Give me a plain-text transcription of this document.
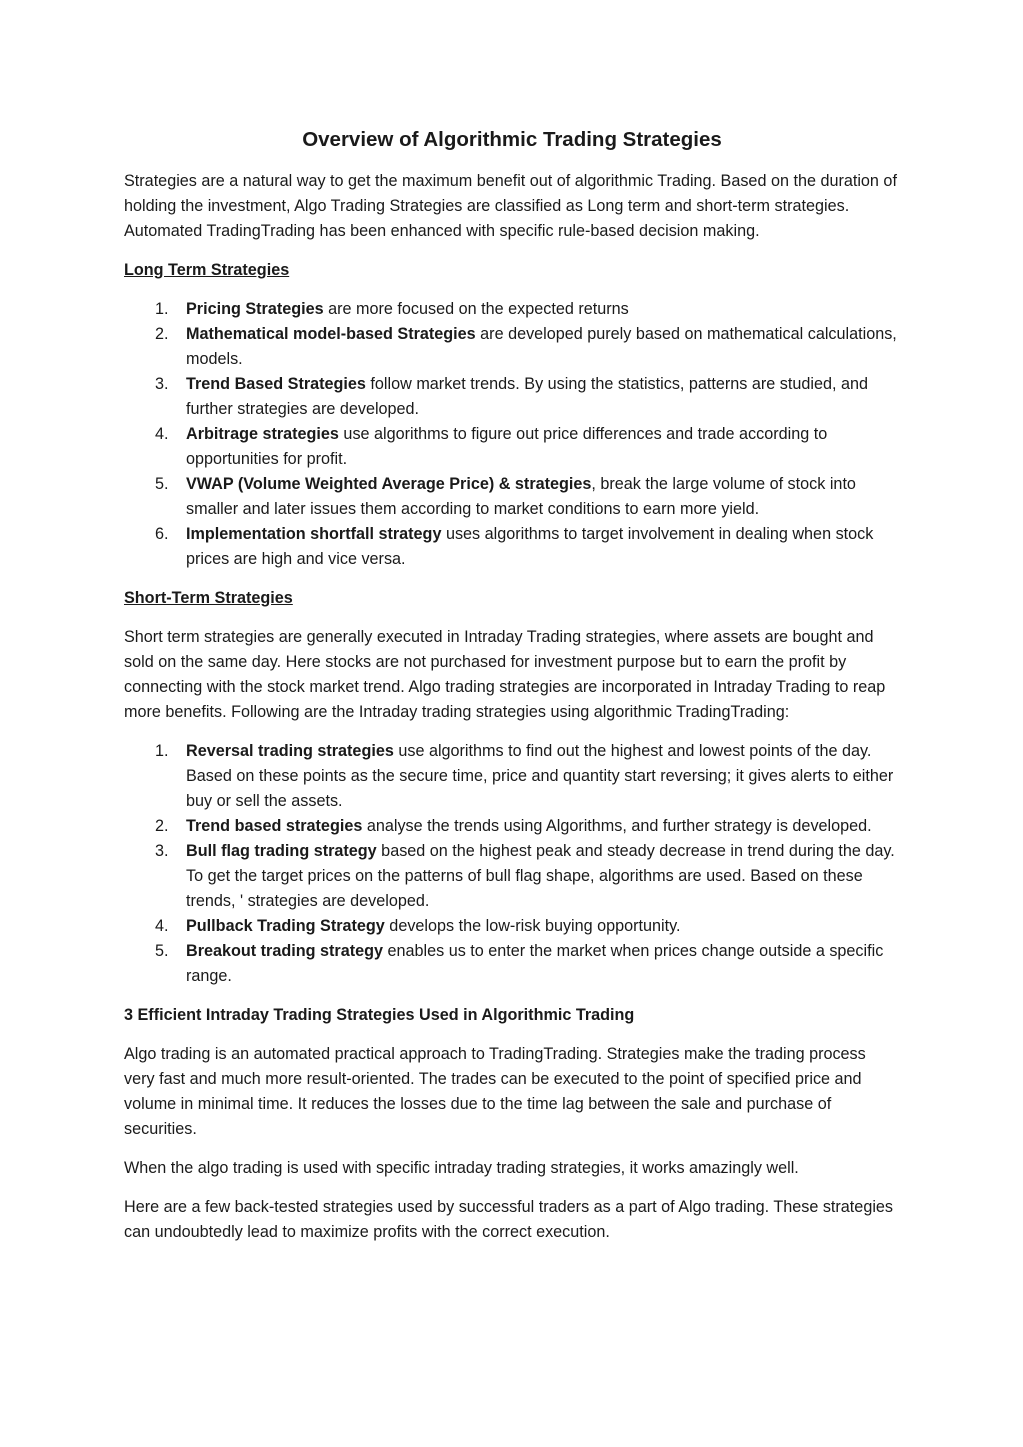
Overview of Algorithmic Trading Strategies

Strategies are a natural way to get the maximum benefit out of algorithmic Trading. Based on the duration of holding the investment, Algo Trading Strategies are classified as Long term and short-term strategies. Automated TradingTrading has been enhanced with specific rule-based decision making.

Long Term Strategies
1. Pricing Strategies are more focused on the expected returns
2. Mathematical model-based Strategies are developed purely based on mathematical calculations, models.
3. Trend Based Strategies follow market trends. By using the statistics, patterns are studied, and further strategies are developed.
4. Arbitrage strategies use algorithms to figure out price differences and trade according to opportunities for profit.
5. VWAP (Volume Weighted Average Price) & strategies, break the large volume of stock into smaller and later issues them according to market conditions to earn more yield.
6. Implementation shortfall strategy uses algorithms to target involvement in dealing when stock prices are high and vice versa.
Short-Term Strategies

Short term strategies are generally executed in Intraday Trading strategies, where assets are bought and sold on the same day. Here stocks are not purchased for investment purpose but to earn the profit by connecting with the stock market trend. Algo trading strategies are incorporated in Intraday Trading to reap more benefits. Following are the Intraday trading strategies using algorithmic TradingTrading:

1. Reversal trading strategies use algorithms to find out the highest and lowest points of the day. Based on these points as the secure time, price and quantity start reversing; it gives alerts to either buy or sell the assets.
2. Trend based strategies analyse the trends using Algorithms, and further strategy is developed.
3. Bull flag trading strategy based on the highest peak and steady decrease in trend during the day. To get the target prices on the patterns of bull flag shape, algorithms are used. Based on these trends, ' strategies are developed.
4. Pullback Trading Strategy develops the low-risk buying opportunity.
5. Breakout trading strategy enables us to enter the market when prices change outside a specific range.
3 Efficient Intraday Trading Strategies Used in Algorithmic Trading

Algo trading is an automated practical approach to TradingTrading. Strategies make the trading process very fast and much more result-oriented. The trades can be executed to the point of specified price and volume in minimal time. It reduces the losses due to the time lag between the sale and purchase of securities.

When the algo trading is used with specific intraday trading strategies, it works amazingly well.

Here are a few back-tested strategies used by successful traders as a part of Algo trading. These strategies can undoubtedly lead to maximize profits with the correct execution.
